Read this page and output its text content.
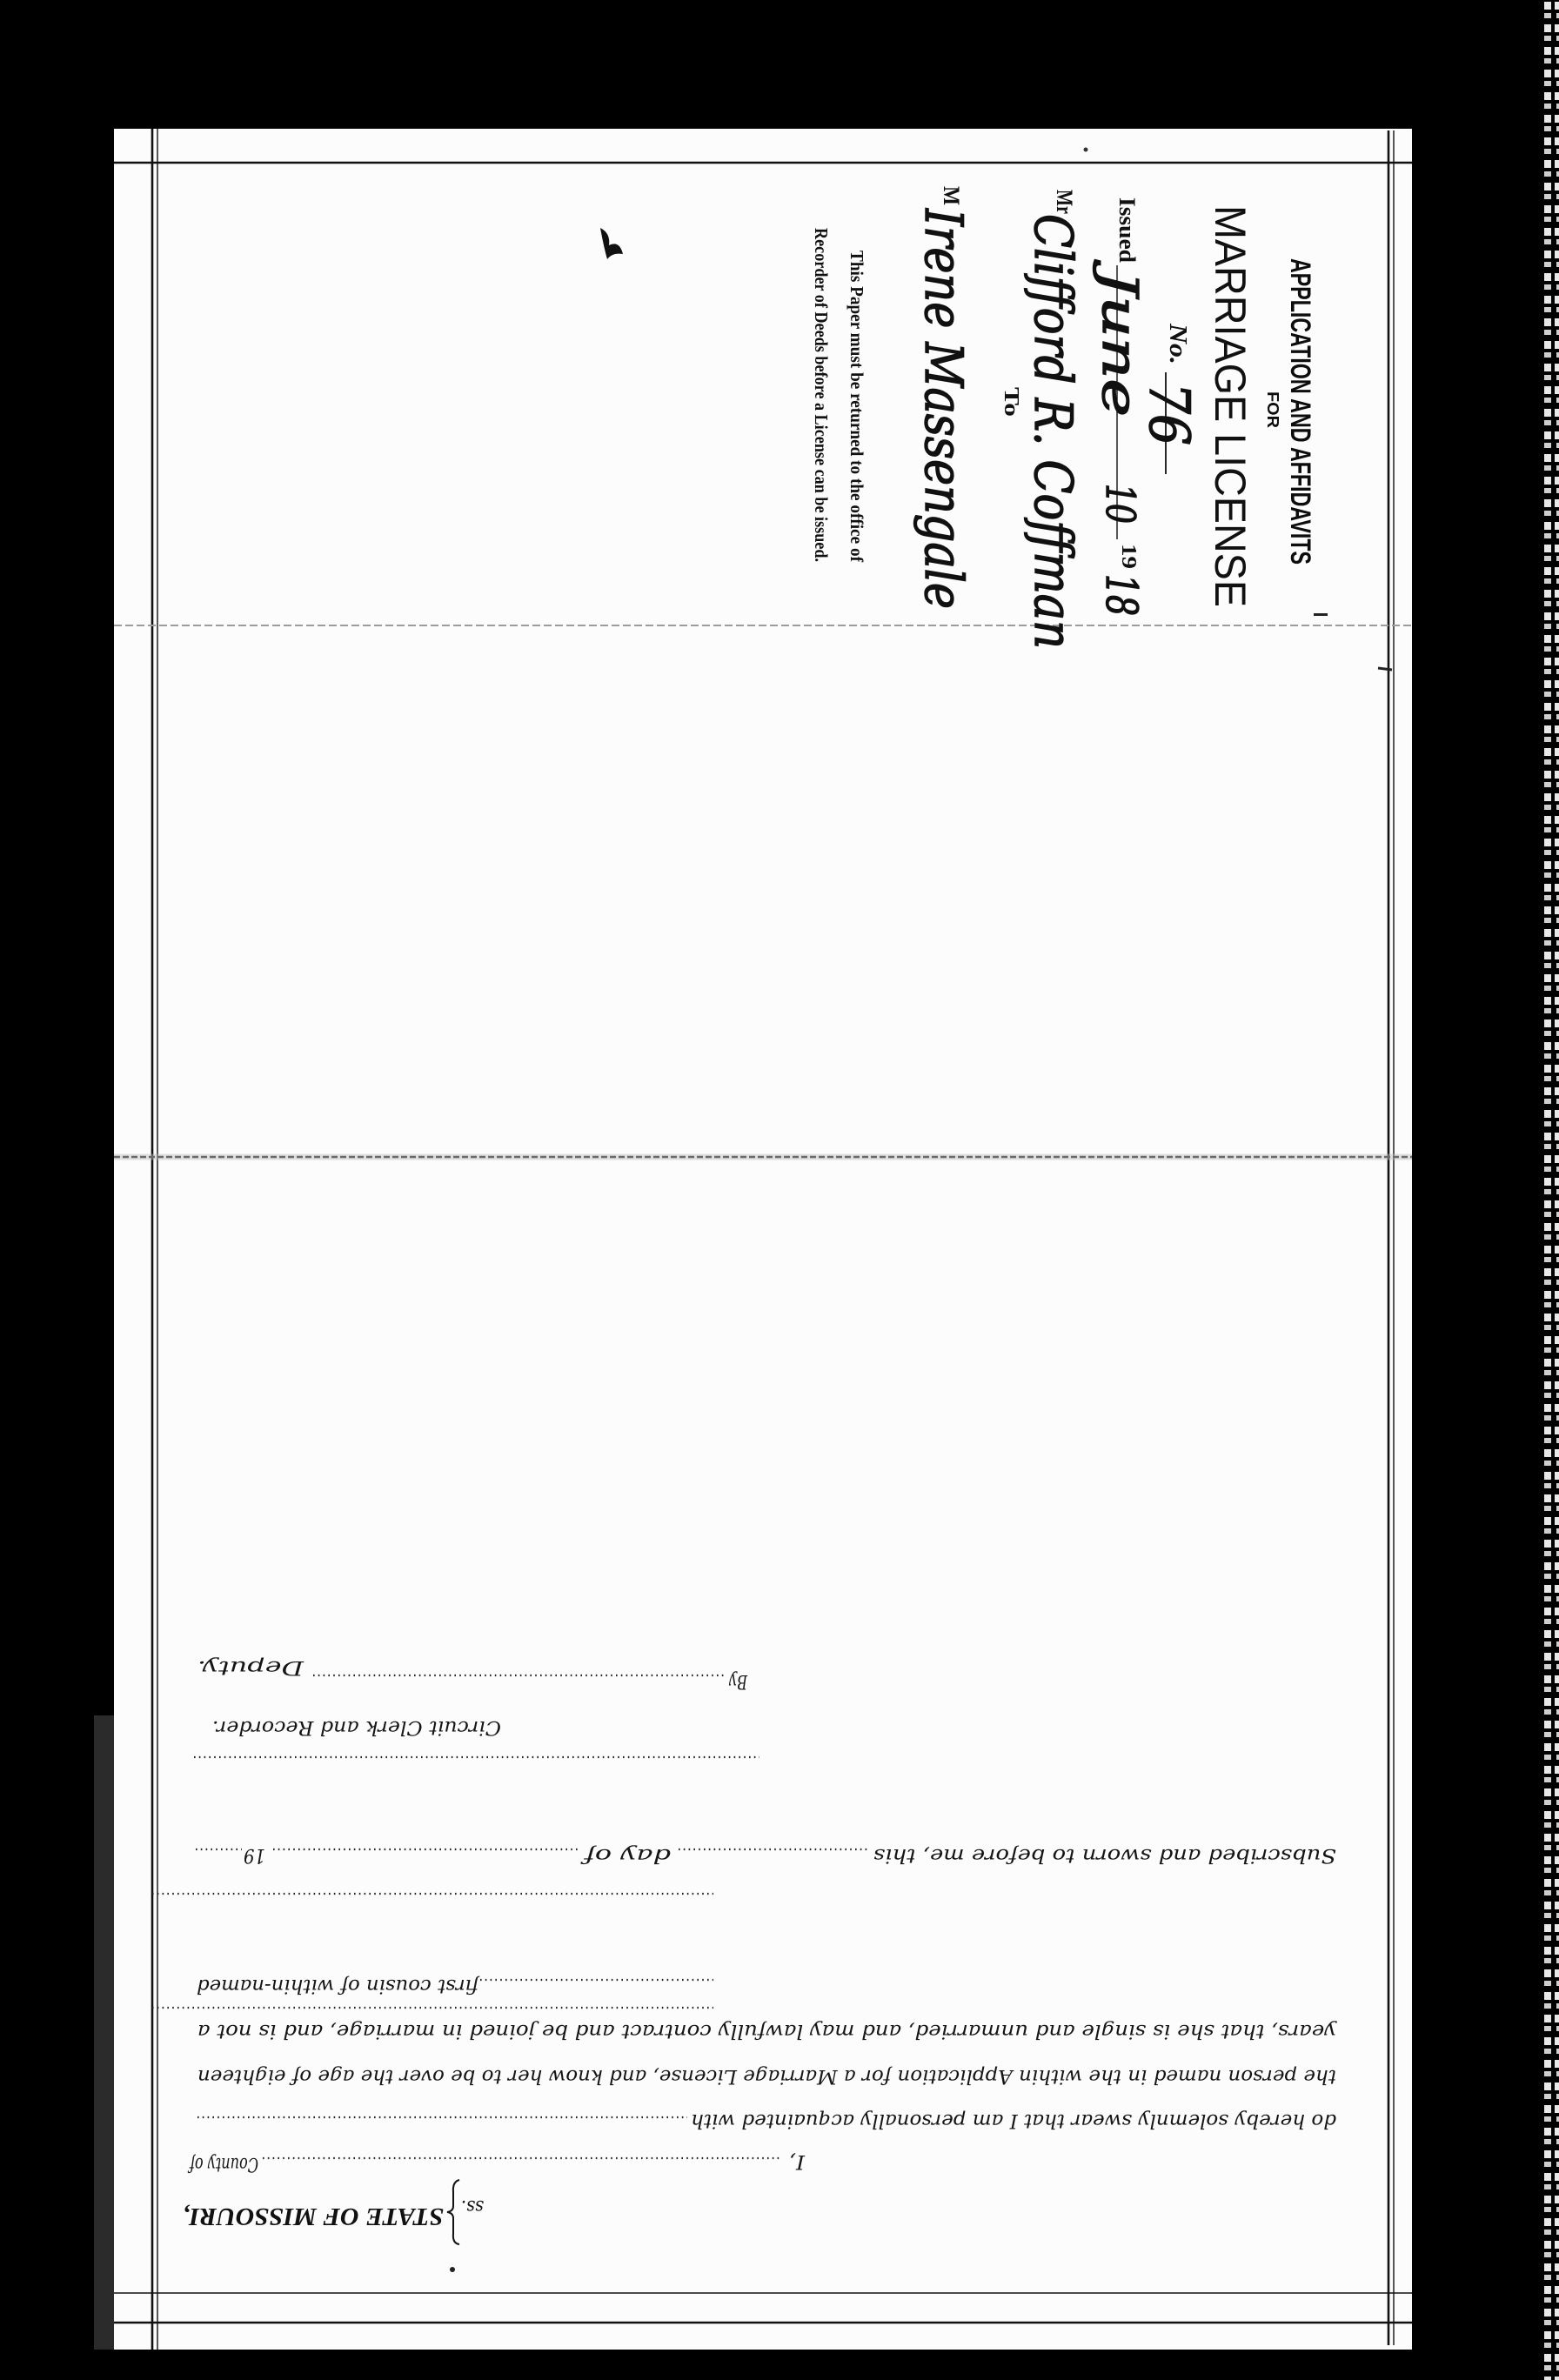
APPLICATION AND AFFIDAVITS
FOR
MARRIAGE LICENSE
No.
76
Issued
June
10
19
18
Mr
Clifford R. Coffman
To
M
Irene Massengale
This Paper must be returned to the office of
Recorder of Deeds before a License can be issued.
STATE OF MISSOURI, ss.
County of	I,
do hereby solemnly swear that I am personally acquainted with
the person named in the within Application for a Marriage License, and know her to be over the age of eighteen
years, that she is single and unmarried, and may lawfully contract and be joined in marriage, and is not a
first cousin of within-named
Subscribed and sworn to before me, this
day of
19
Circuit Clerk and Recorder.
By
Deputy.
